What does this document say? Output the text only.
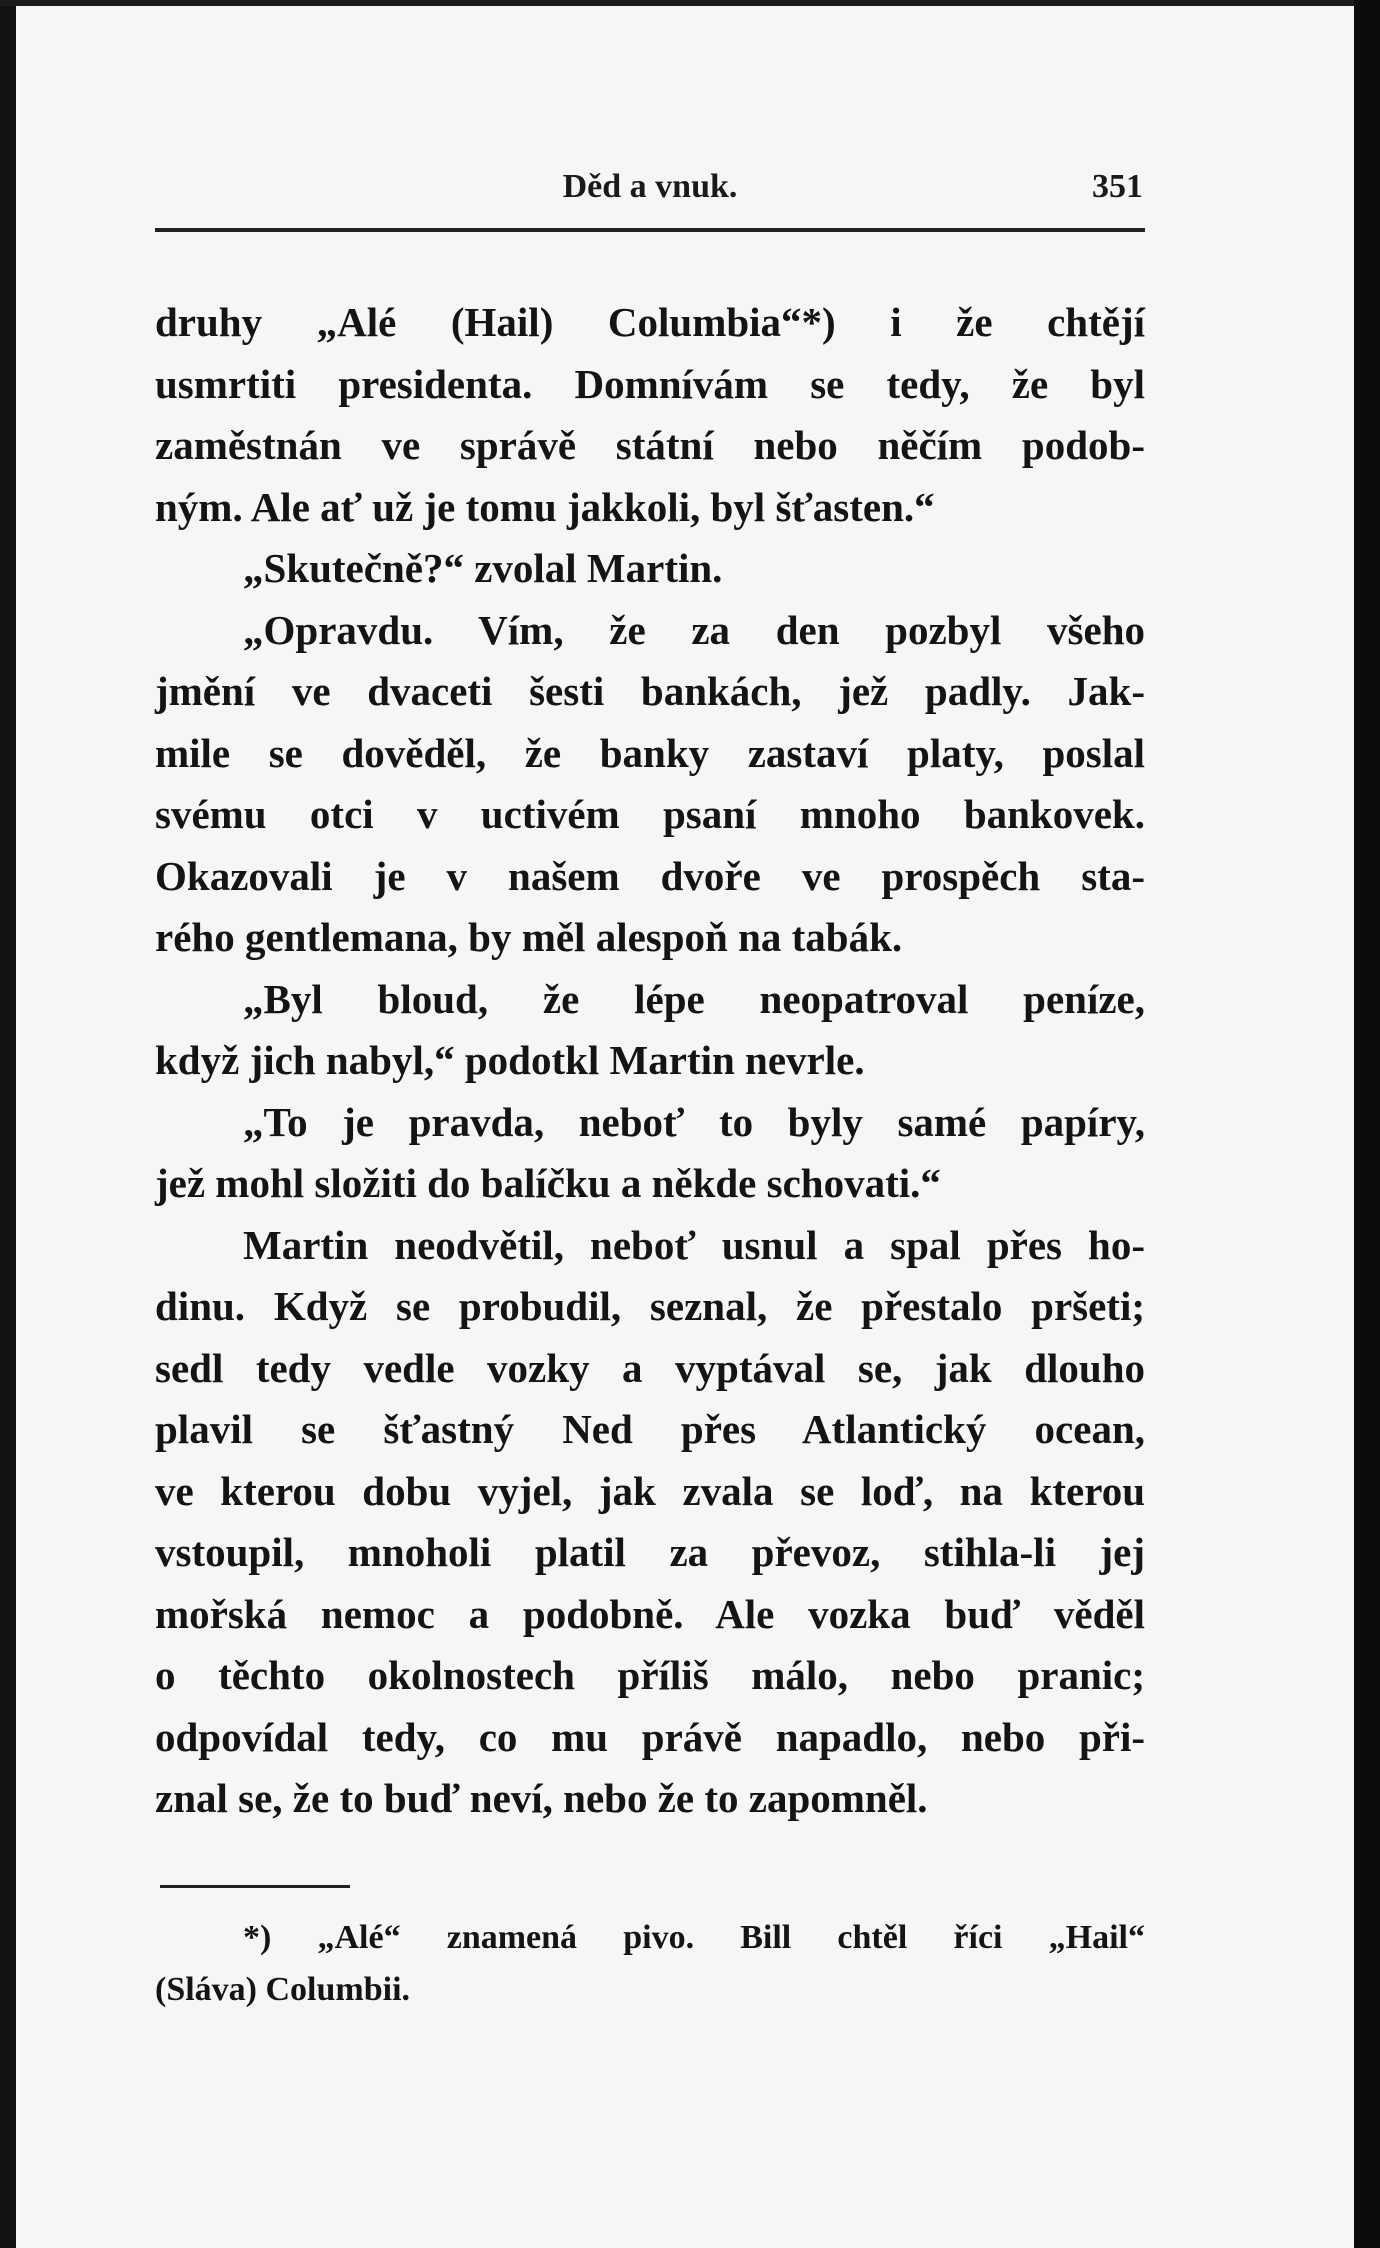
Děd a vnuk.	351
druhy „Alé (Hail) Columbia“*) i že chtějí
usmrtiti presidenta. Domnívám se tedy, že byl
zaměstnán ve správě státní nebo něčím podob-
ným. Ale ať už je tomu jakkoli, byl šťasten.“
„Skutečně?“ zvolal Martin.
„Opravdu. Vím, že za den pozbyl všeho
jmění ve dvaceti šesti bankách, jež padly. Jak-
mile se dověděl, že banky zastaví platy, poslal
svému otci v uctivém psaní mnoho bankovek.
Okazovali je v našem dvoře ve prospěch sta-
rého gentlemana, by měl alespoň na tabák.
„Byl bloud, že lépe neopatroval peníze,
když jich nabyl,“ podotkl Martin nevrle.
„To je pravda, neboť to byly samé papíry,
jež mohl složiti do balíčku a někde schovati.“
Martin neodvětil, neboť usnul a spal přes ho-
dinu. Když se probudil, seznal, že přestalo pršeti;
sedl tedy vedle vozky a vyptával se, jak dlouho
plavil se šťastný Ned přes Atlantický ocean,
ve kterou dobu vyjel, jak zvala se loď, na kterou
vstoupil, mnoholi platil za převoz, stihla-li jej
mořská nemoc a podobně. Ale vozka buď věděl
o těchto okolnostech příliš málo, nebo pranic;
odpovídal tedy, co mu právě napadlo, nebo při-
znal se, že to buď neví, nebo že to zapomněl.
*) „Alé“ znamená pivo. Bill chtěl říci „Hail“
(Sláva) Columbii.
